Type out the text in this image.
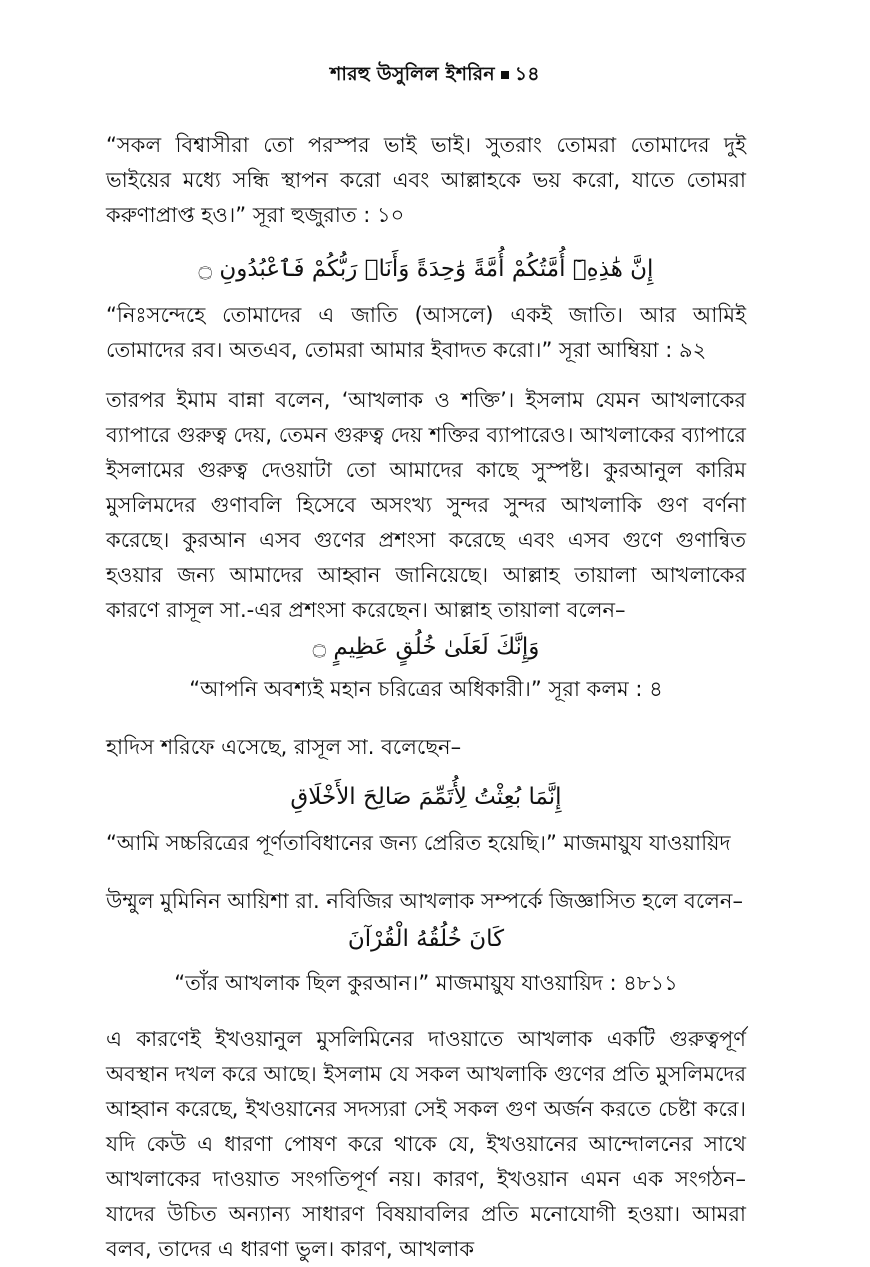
শারহু উসুলিল ইশরিন ১৪

“সকল বিশ্বাসীরা তো পরস্পর ভাই ভাই। সুতরাং তোমরা তোমাদের দুই ভাইয়ের মধ্যে সন্ধি স্থাপন করো এবং আল্লাহকে ভয় করো, যাতে তোমরা করুণাপ্রাপ্ত হও।” সূরা হুজুরাত : ১০

إِنَّ هَٰذِهِۦٓ أُمَّتُكُمْ أُمَّةً وَٰحِدَةً وَأَنَا۠ رَبُّكُمْ فَٱعْبُدُونِ ۝

“নিঃসন্দেহে তোমাদের এ জাতি (আসলে) একই জাতি। আর আমিই তোমাদের রব। অতএব, তোমরা আমার ইবাদত করো।” সূরা আম্বিয়া : ৯২

তারপর ইমাম বান্না বলেন, ‘আখলাক ও শক্তি’। ইসলাম যেমন আখলাকের ব্যাপারে গুরুত্ব দেয়, তেমন গুরুত্ব দেয় শক্তির ব্যাপারেও। আখলাকের ব্যাপারে ইসলামের গুরুত্ব দেওয়াটা তো আমাদের কাছে সুস্পষ্ট। কুরআনুল কারিম মুসলিমদের গুণাবলি হিসেবে অসংখ্য সুন্দর সুন্দর আখলাকি গুণ বর্ণনা করেছে। কুরআন এসব গুণের প্রশংসা করেছে এবং এসব গুণে গুণান্বিত হওয়ার জন্য আমাদের আহ্বান জানিয়েছে। আল্লাহ তায়ালা আখলাকের কারণে রাসূল সা.-এর প্রশংসা করেছেন। আল্লাহ তায়ালা বলেন–

وَإِنَّكَ لَعَلَىٰ خُلُقٍ عَظِيمٍ ۝

“আপনি অবশ্যই মহান চরিত্রের অধিকারী।” সূরা কলম : ৪

হাদিস শরিফে এসেছে, রাসূল সা. বলেছেন–

إِنَّمَا بُعِثْتُ لِأُتَمِّمَ صَالِحَ الأَخْلَاقِ

“আমি সচ্চরিত্রের পূর্ণতাবিধানের জন্য প্রেরিত হয়েছি।” মাজমায়ুয যাওয়ায়িদ

উম্মুল মুমিনিন আয়িশা রা. নবিজির আখলাক সম্পর্কে জিজ্ঞাসিত হলে বলেন–

كَانَ خُلُقُهُ الْقُرْآنَ

“তাঁর আখলাক ছিল কুরআন।” মাজমায়ুয যাওয়ায়িদ : ৪৮১১

এ কারণেই ইখওয়ানুল মুসলিমিনের দাওয়াতে আখলাক একটি গুরুত্বপূর্ণ অবস্থান দখল করে আছে। ইসলাম যে সকল আখলাকি গুণের প্রতি মুসলিমদের আহ্বান করেছে, ইখওয়ানের সদস্যরা সেই সকল গুণ অর্জন করতে চেষ্টা করে। যদি কেউ এ ধারণা পোষণ করে থাকে যে, ইখওয়ানের আন্দোলনের সাথে আখলাকের দাওয়াত সংগতিপূর্ণ নয়। কারণ, ইখওয়ান এমন এক সংগঠন– যাদের উচিত অন্যান্য সাধারণ বিষয়াবলির প্রতি মনোযোগী হওয়া। আমরা বলব, তাদের এ ধারণা ভুল। কারণ, আখলাক
